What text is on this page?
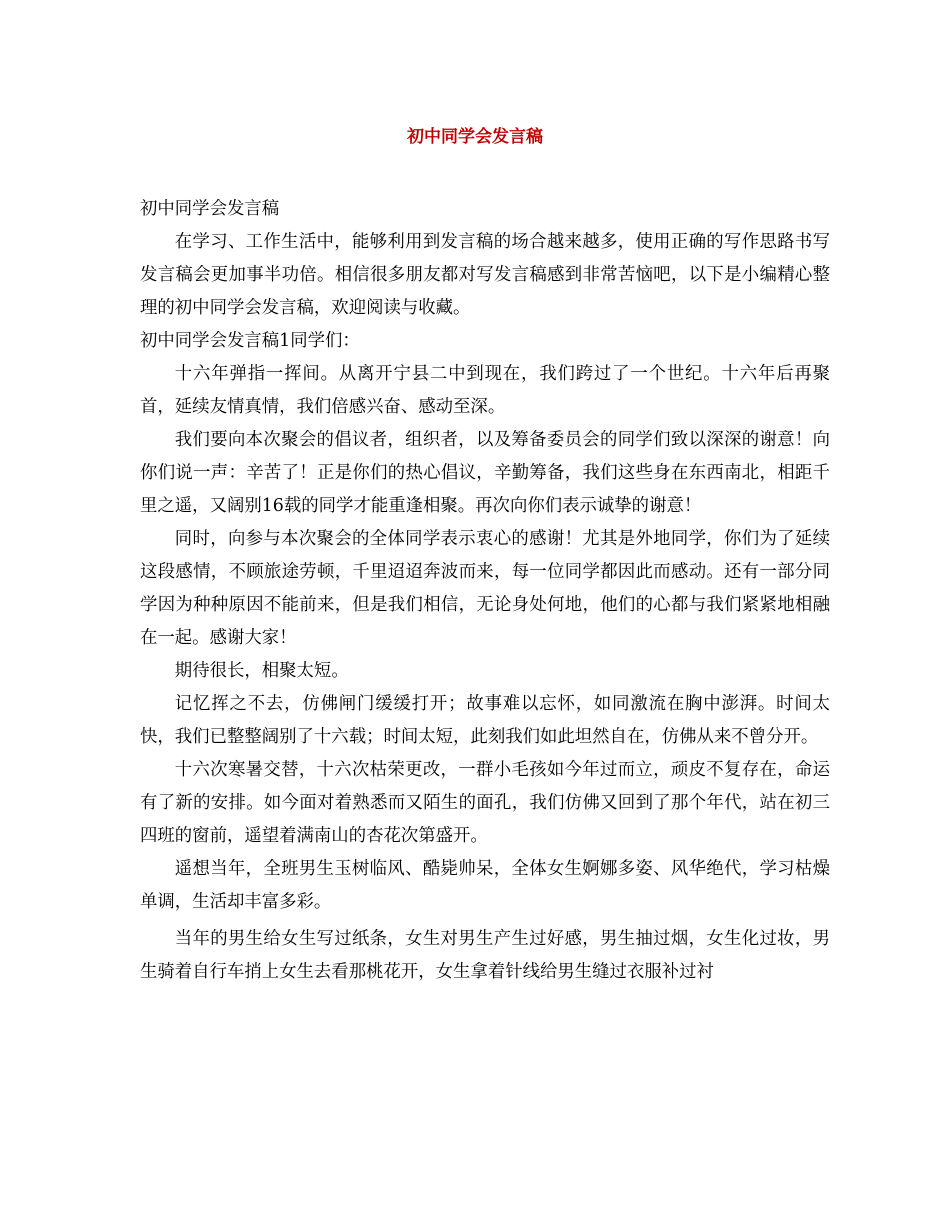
初中同学会发言稿

初中同学会发言稿

在学习、工作生活中，能够利用到发言稿的场合越来越多，使用正确的写作思路书写发言稿会更加事半功倍。相信很多朋友都对写发言稿感到非常苦恼吧，以下是小编精心整理的初中同学会发言稿，欢迎阅读与收藏。

初中同学会发言稿1同学们：

十六年弹指一挥间。从离开宁县二中到现在，我们跨过了一个世纪。十六年后再聚首，延续友情真情，我们倍感兴奋、感动至深。

我们要向本次聚会的倡议者，组织者，以及筹备委员会的同学们致以深深的谢意！向你们说一声：辛苦了！正是你们的热心倡议，辛勤筹备，我们这些身在东西南北，相距千里之遥，又阔别16载的同学才能重逢相聚。再次向你们表示诚挚的谢意！

同时，向参与本次聚会的全体同学表示衷心的感谢！尤其是外地同学，你们为了延续这段感情，不顾旅途劳顿，千里迢迢奔波而来，每一位同学都因此而感动。还有一部分同学因为种种原因不能前来，但是我们相信，无论身处何地，他们的心都与我们紧紧地相融在一起。感谢大家！

期待很长，相聚太短。

记忆挥之不去，仿佛闸门缓缓打开；故事难以忘怀，如同激流在胸中澎湃。时间太快，我们已整整阔别了十六载；时间太短，此刻我们如此坦然自在，仿佛从来不曾分开。

十六次寒暑交替，十六次枯荣更改，一群小毛孩如今年过而立，顽皮不复存在，命运有了新的安排。如今面对着熟悉而又陌生的面孔，我们仿佛又回到了那个年代，站在初三四班的窗前，遥望着满南山的杏花次第盛开。

遥想当年，全班男生玉树临风、酷毙帅呆，全体女生婀娜多姿、风华绝代，学习枯燥单调，生活却丰富多彩。

当年的男生给女生写过纸条，女生对男生产生过好感，男生抽过烟，女生化过妆，男生骑着自行车捎上女生去看那桃花开，女生拿着针线给男生缝过衣服补过衬
